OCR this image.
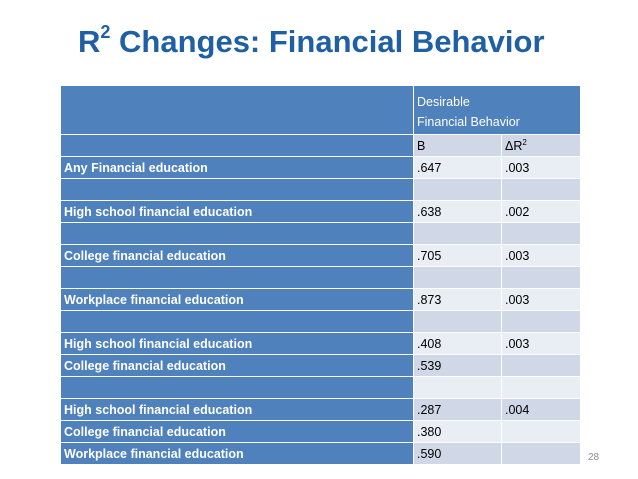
$R^2$ Changes: Financial Behavior
	Desirable
Financial Behavior	
	B	$\Delta R^2$
Any Financial education	.647	.003

High school financial education	.638	.002

College financial education	.705	.003

Workplace financial education	.873	.003

High school financial education	.408	.003
College financial education	.539	

High school financial education	.287	.004
College financial education	.380	
Workplace financial education	.590		28
